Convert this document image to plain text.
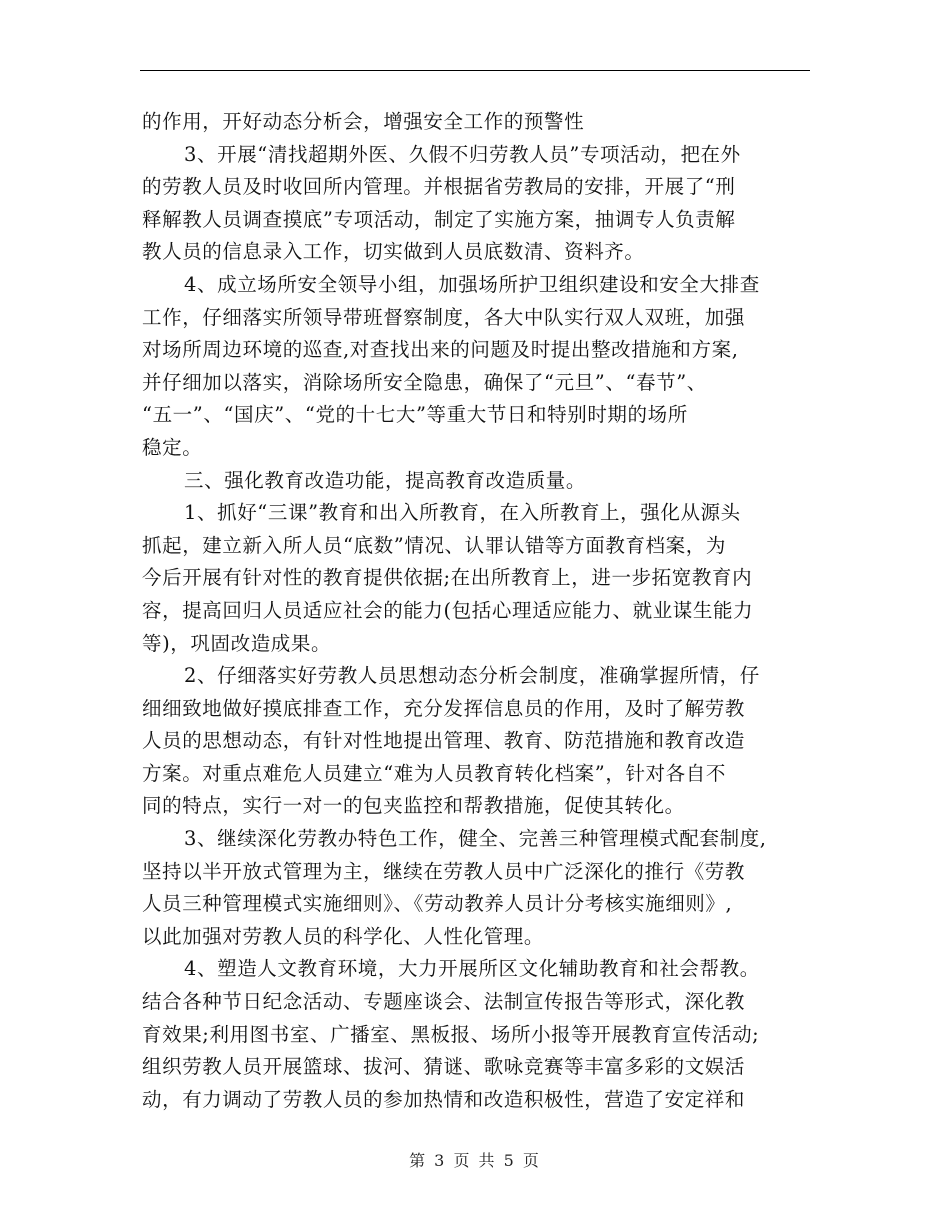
的作用，开好动态分析会，增强安全工作的预警性
3、开展“清找超期外医、久假不归劳教人员”专项活动，把在外
的劳教人员及时收回所内管理。并根据省劳教局的安排，开展了“刑
释解教人员调查摸底”专项活动，制定了实施方案，抽调专人负责解
教人员的信息录入工作，切实做到人员底数清、资料齐。
4、成立场所安全领导小组，加强场所护卫组织建设和安全大排查
工作，仔细落实所领导带班督察制度，各大中队实行双人双班，加强
对场所周边环境的巡查,对查找出来的问题及时提出整改措施和方案,
并仔细加以落实，消除场所安全隐患，确保了“元旦”、“春节”、
“五一”、“国庆”、“党的十七大”等重大节日和特别时期的场所
稳定。
三、强化教育改造功能，提高教育改造质量。
1、抓好“三课”教育和出入所教育，在入所教育上，强化从源头
抓起，建立新入所人员“底数”情况、认罪认错等方面教育档案，为
今后开展有针对性的教育提供依据;在出所教育上，进一步拓宽教育内
容，提高回归人员适应社会的能力(包括心理适应能力、就业谋生能力
等)，巩固改造成果。
2、仔细落实好劳教人员思想动态分析会制度，准确掌握所情，仔
细细致地做好摸底排查工作，充分发挥信息员的作用，及时了解劳教
人员的思想动态，有针对性地提出管理、教育、防范措施和教育改造
方案。对重点难危人员建立“难为人员教育转化档案”，针对各自不
同的特点，实行一对一的包夹监控和帮教措施，促使其转化。
3、继续深化劳教办特色工作，健全、完善三种管理模式配套制度,
坚持以半开放式管理为主，继续在劳教人员中广泛深化的推行《劳教
人员三种管理模式实施细则》、《劳动教养人员计分考核实施细则》,
以此加强对劳教人员的科学化、人性化管理。
4、塑造人文教育环境，大力开展所区文化辅助教育和社会帮教。
结合各种节日纪念活动、专题座谈会、法制宣传报告等形式，深化教
育效果;利用图书室、广播室、黑板报、场所小报等开展教育宣传活动;
组织劳教人员开展篮球、拔河、猜谜、歌咏竞赛等丰富多彩的文娱活
动，有力调动了劳教人员的参加热情和改造积极性，营造了安定祥和
第 3 页 共 5 页
